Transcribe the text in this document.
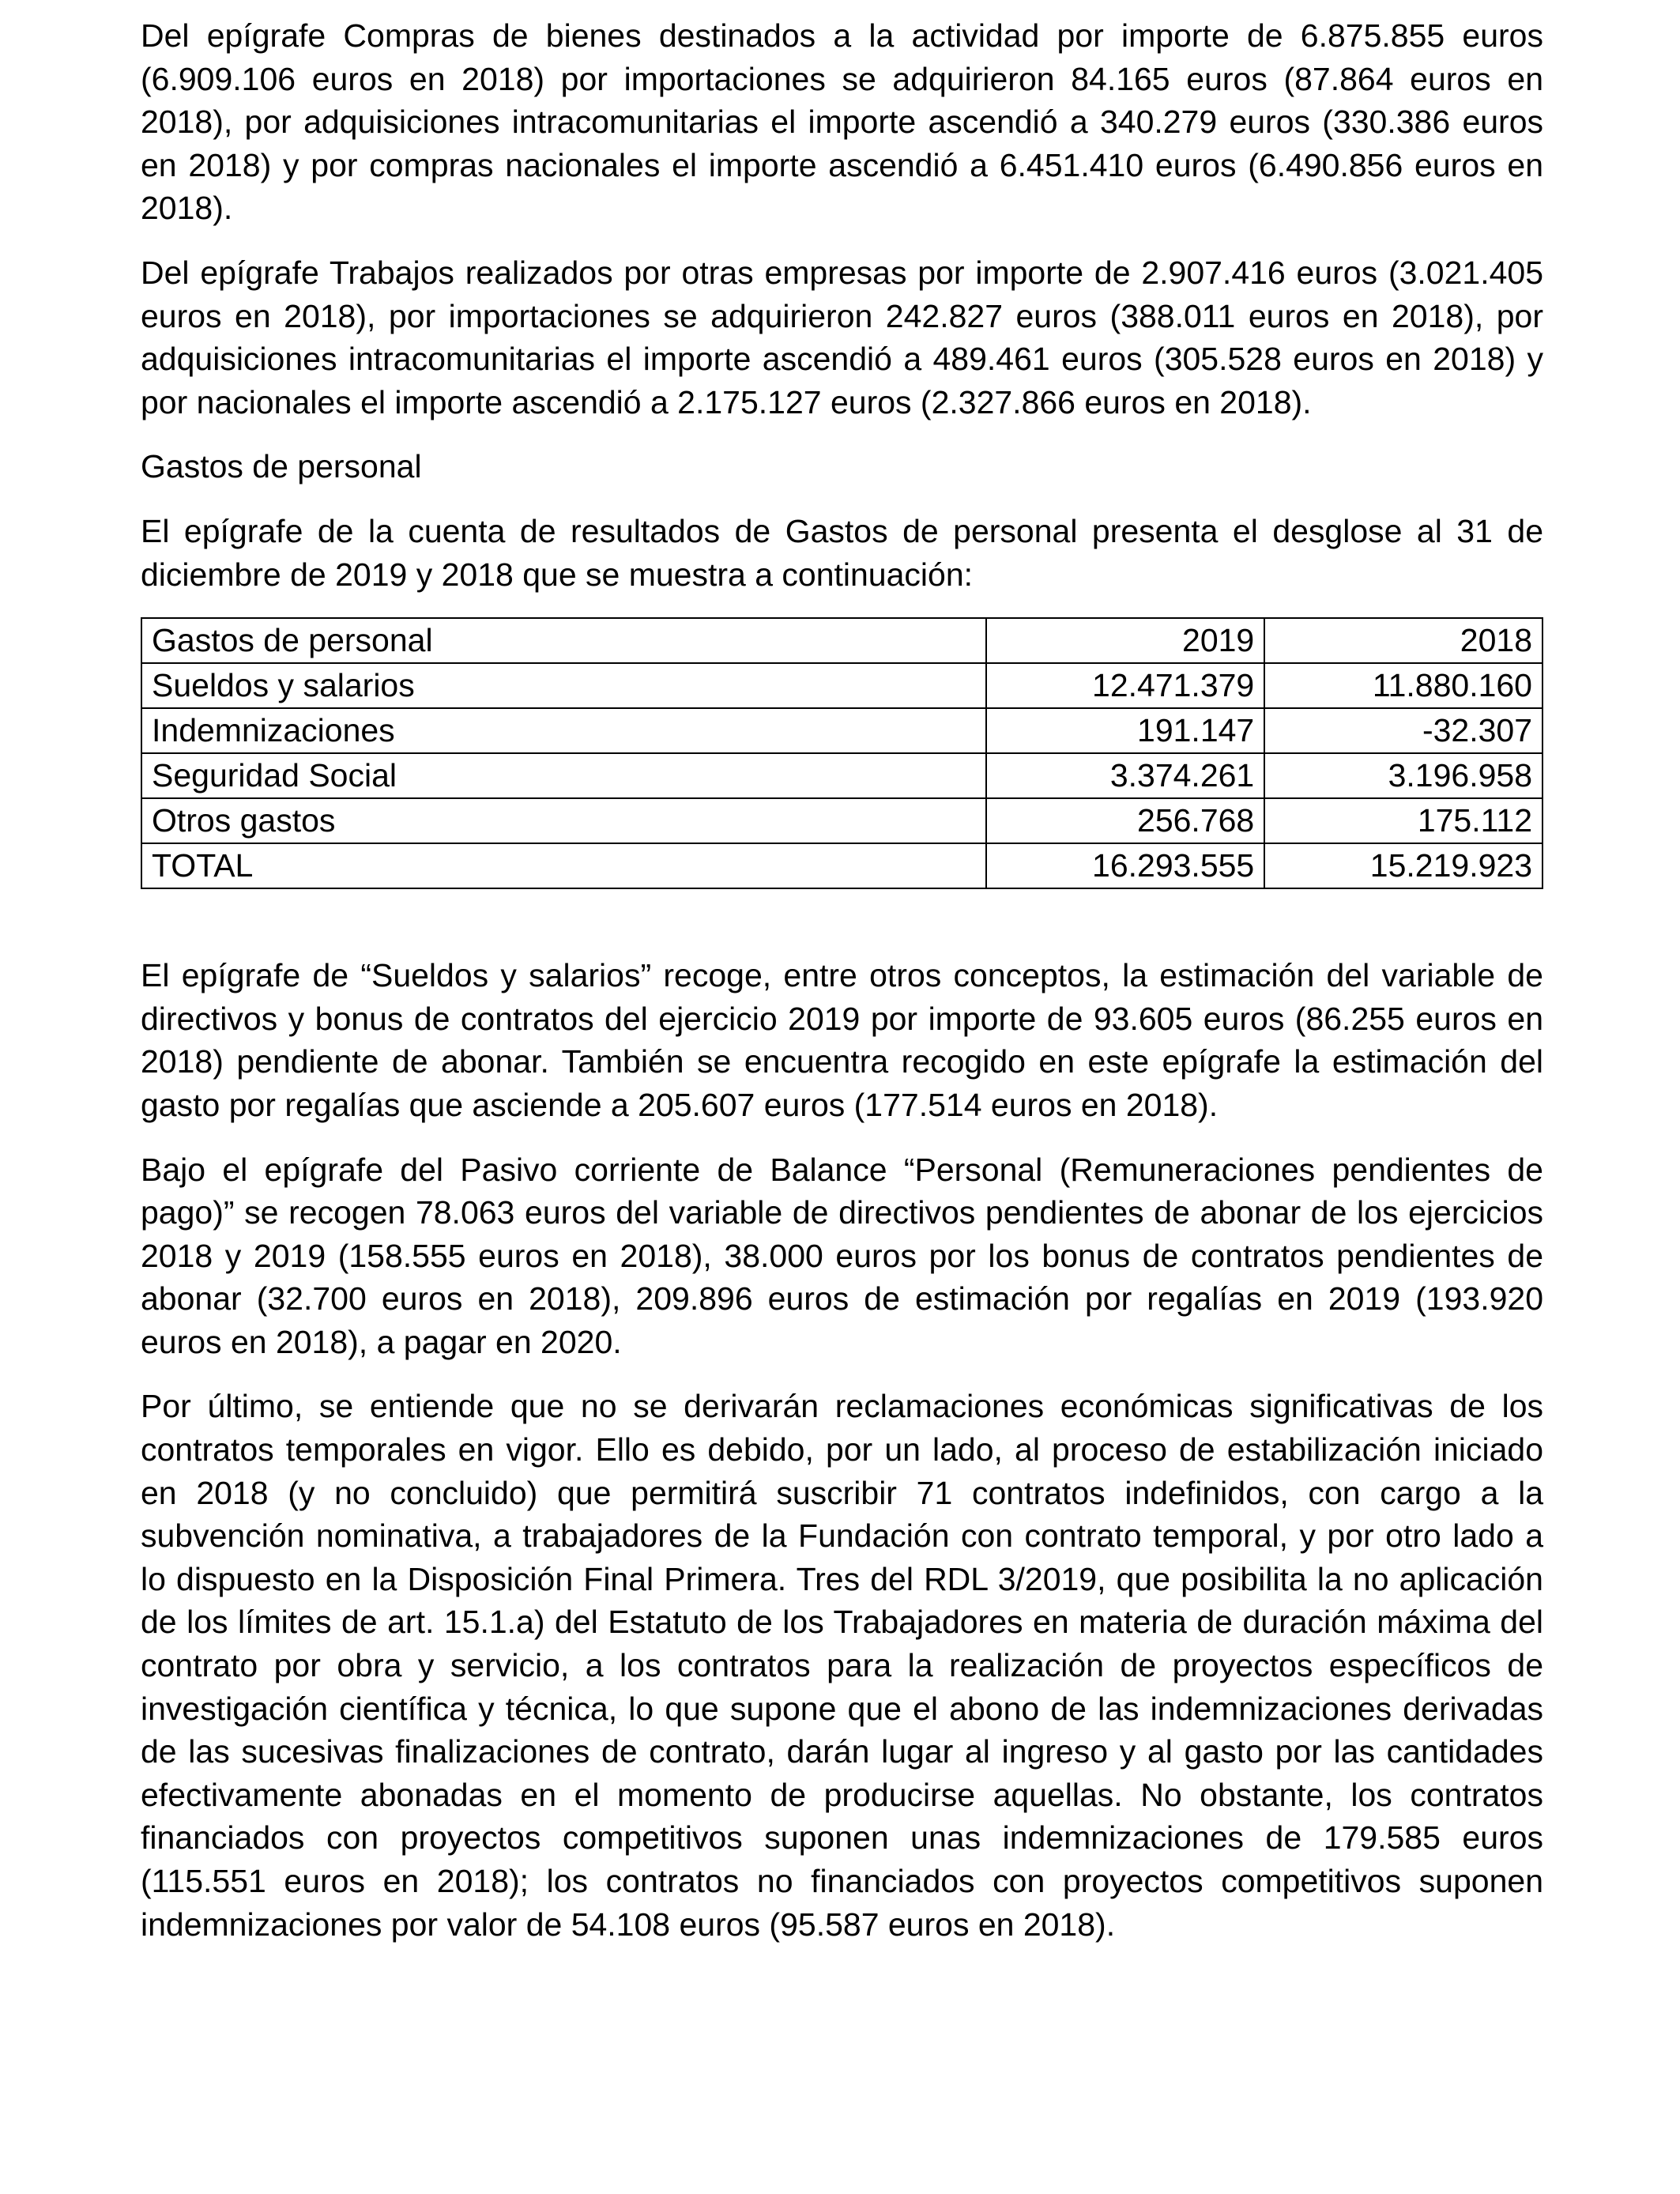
Del epígrafe Compras de bienes destinados a la actividad por importe de 6.875.855 euros (6.909.106 euros en 2018) por importaciones se adquirieron 84.165 euros (87.864 euros en 2018), por adquisiciones intracomunitarias el importe ascendió a 340.279 euros (330.386 euros en 2018) y por compras nacionales el importe ascendió a 6.451.410 euros (6.490.856 euros en 2018).

Del epígrafe Trabajos realizados por otras empresas por importe de 2.907.416 euros (3.021.405 euros en 2018), por importaciones se adquirieron 242.827 euros (388.011 euros en 2018), por adquisiciones intracomunitarias el importe ascendió a 489.461 euros (305.528 euros en 2018) y por nacionales el importe ascendió a 2.175.127 euros (2.327.866 euros en 2018).

Gastos de personal

El epígrafe de la cuenta de resultados de Gastos de personal presenta el desglose al 31 de diciembre de 2019 y 2018 que se muestra a continuación:

Gastos de personal	2019	2018
Sueldos y salarios	12.471.379	11.880.160
Indemnizaciones	191.147	-32.307
Seguridad Social	3.374.261	3.196.958
Otros gastos	256.768	175.112
TOTAL	16.293.555	15.219.923

El epígrafe de “Sueldos y salarios” recoge, entre otros conceptos, la estimación del variable de directivos y bonus de contratos del ejercicio 2019 por importe de 93.605 euros (86.255 euros en 2018) pendiente de abonar. También se encuentra recogido en este epígrafe la estimación del gasto por regalías que asciende a 205.607 euros (177.514 euros en 2018).

Bajo el epígrafe del Pasivo corriente de Balance “Personal (Remuneraciones pendientes de pago)” se recogen 78.063 euros del variable de directivos pendientes de abonar de los ejercicios 2018 y 2019 (158.555 euros en 2018), 38.000 euros por los bonus de contratos pendientes de abonar (32.700 euros en 2018), 209.896 euros de estimación por regalías en 2019 (193.920 euros en 2018), a pagar en 2020.

Por último, se entiende que no se derivarán reclamaciones económicas significativas de los contratos temporales en vigor. Ello es debido, por un lado, al proceso de estabilización iniciado en 2018 (y no concluido) que permitirá suscribir 71 contratos indefinidos, con cargo a la subvención nominativa, a trabajadores de la Fundación con contrato temporal, y por otro lado a lo dispuesto en la Disposición Final Primera. Tres del RDL 3/2019, que posibilita la no aplicación de los límites de art. 15.1.a) del Estatuto de los Trabajadores en materia de duración máxima del contrato por obra y servicio, a los contratos para la realización de proyectos específicos de investigación científica y técnica, lo que supone que el abono de las indemnizaciones derivadas de las sucesivas finalizaciones de contrato, darán lugar al ingreso y al gasto por las cantidades efectivamente abonadas en el momento de producirse aquellas. No obstante, los contratos financiados con proyectos competitivos suponen unas indemnizaciones de 179.585 euros (115.551 euros en 2018); los contratos no financiados con proyectos competitivos suponen indemnizaciones por valor de 54.108 euros (95.587 euros en 2018).
